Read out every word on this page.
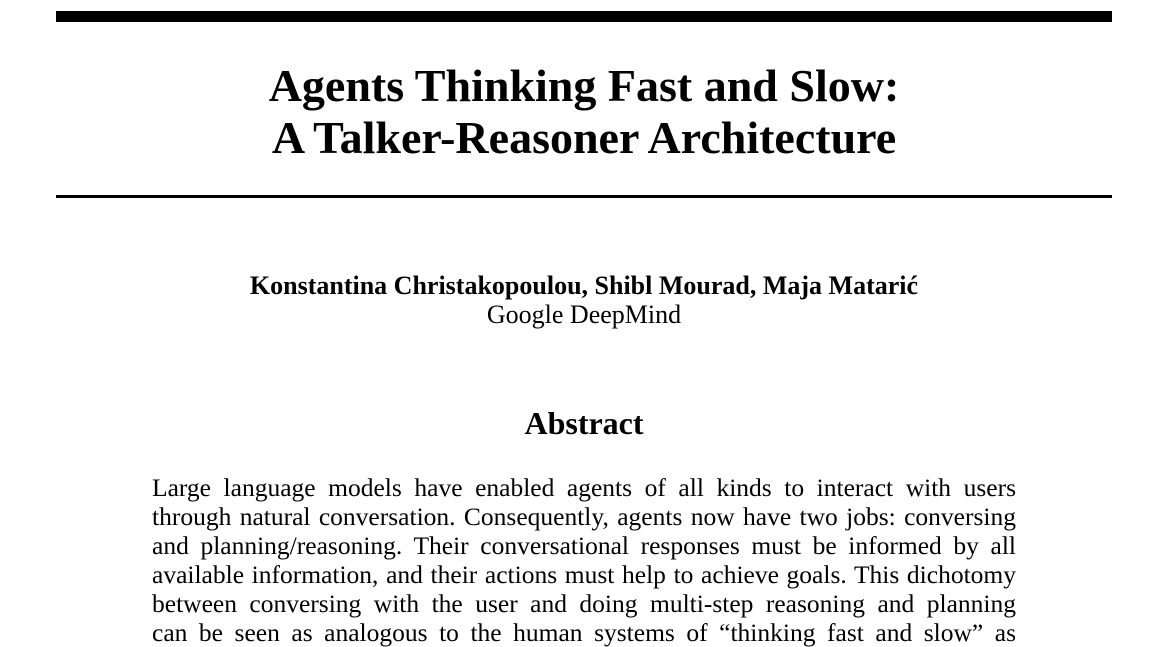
Agents Thinking Fast and Slow:
A Talker-Reasoner Architecture
Konstantina Christakopoulou, Shibl Mourad, Maja Matarić
Google DeepMind
Abstract
Large language models have enabled agents of all kinds to interact with users
through natural conversation. Consequently, agents now have two jobs: conversing
and planning/reasoning. Their conversational responses must be informed by all
available information, and their actions must help to achieve goals. This dichotomy
between conversing with the user and doing multi-step reasoning and planning
can be seen as analogous to the human systems of “thinking fast and slow” as
